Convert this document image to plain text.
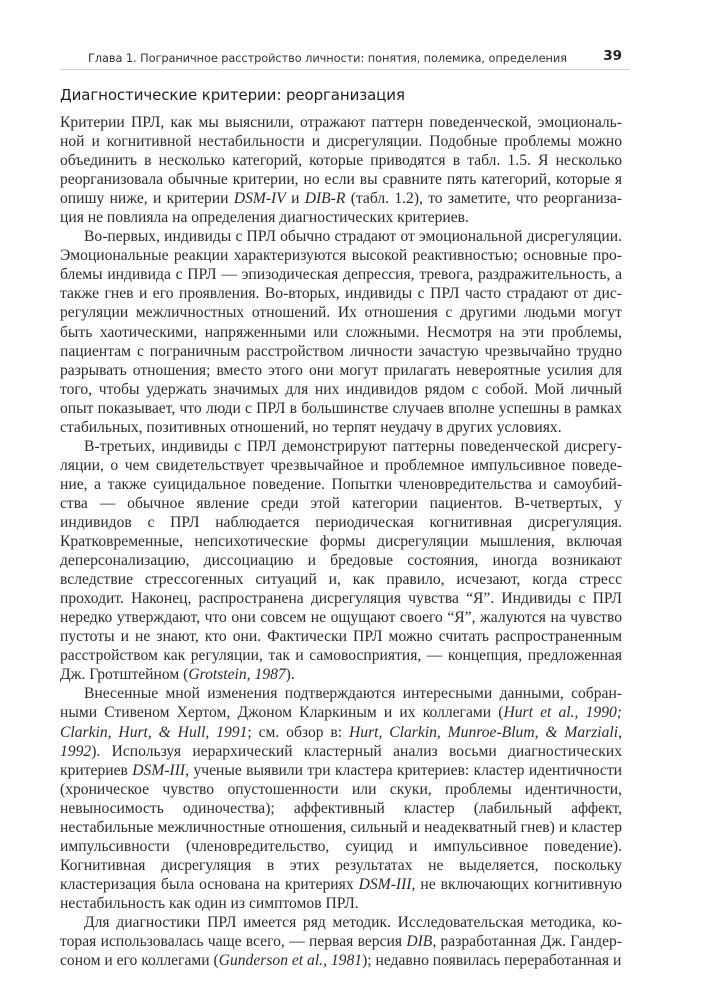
Глава 1. Пограничное расстройство личности: понятия, полемика, определения	39
Диагностические критерии: реорганизация

Критерии ПРЛ, как мы выяснили, отражают паттерн поведенческой, эмоциональной и когнитивной нестабильности и дисрегуляции. Подобные проблемы можно объединить в несколько категорий, которые приводятся в табл. 1.5. Я несколько реорганизовала обычные критерии, но если вы сравните пять категорий, которые я опишу ниже, и критерии DSM-IV и DIB-R (табл. 1.2), то заметите, что реорганизация не повлияла на определения диагностических критериев.

Во-первых, индивиды с ПРЛ обычно страдают от эмоциональной дисрегуляции. Эмоциональные реакции характеризуются высокой реактивностью; основные проблемы индивида с ПРЛ — эпизодическая депрессия, тревога, раздражительность, а также гнев и его проявления. Во-вторых, индивиды с ПРЛ часто страдают от дисрегуляции межличностных отношений. Их отношения с другими людьми могут быть хаотическими, напряженными или сложными. Несмотря на эти проблемы, пациентам с пограничным расстройством личности зачастую чрезвычайно трудно разрывать отношения; вместо этого они могут прилагать невероятные усилия для того, чтобы удержать значимых для них индивидов рядом с собой. Мой личный опыт показывает, что люди с ПРЛ в большинстве случаев вполне успешны в рамках стабильных, позитивных отношений, но терпят неудачу в других условиях.

В-третьих, индивиды с ПРЛ демонстрируют паттерны поведенческой дисрегуляции, о чем свидетельствует чрезвычайное и проблемное импульсивное поведение, а также суицидальное поведение. Попытки членовредительства и самоубийства — обычное явление среди этой категории пациентов. В-четвертых, у индивидов с ПРЛ наблюдается периодическая когнитивная дисрегуляция. Кратковременные, непсихотические формы дисрегуляции мышления, включая деперсонализацию, диссоциацию и бредовые состояния, иногда возникают вследствие стрессогенных ситуаций и, как правило, исчезают, когда стресс проходит. Наконец, распространена дисрегуляция чувства “Я”. Индивиды с ПРЛ нередко утверждают, что они совсем не ощущают своего “Я”, жалуются на чувство пустоты и не знают, кто они. Фактически ПРЛ можно считать распространенным расстройством как регуляции, так и самовосприятия, — концепция, предложенная Дж. Гротштейном (Grotstein, 1987).

Внесенные мной изменения подтверждаются интересными данными, собранными Стивеном Хертом, Джоном Кларкиным и их коллегами (Hurt et al., 1990; Clarkin, Hurt, & Hull, 1991; см. обзор в: Hurt, Clarkin, Munroe-Blum, & Marziali, 1992). Используя иерархический кластерный анализ восьми диагностических критериев DSM-III, ученые выявили три кластера критериев: кластер идентичности (хроническое чувство опустошенности или скуки, проблемы идентичности, невыносимость одиночества); аффективный кластер (лабильный аффект, нестабильные межличностные отношения, сильный и неадекватный гнев) и кластер импульсивности (членовредительство, суицид и импульсивное поведение). Когнитивная дисрегуляция в этих результатах не выделяется, поскольку кластеризация была основана на критериях DSM-III, не включающих когнитивную нестабильность как один из симптомов ПРЛ.

Для диагностики ПРЛ имеется ряд методик. Исследовательская методика, которая использовалась чаще всего, — первая версия DIB, разработанная Дж. Гандерсоном и его коллегами (Gunderson et al., 1981); недавно появилась переработанная и
